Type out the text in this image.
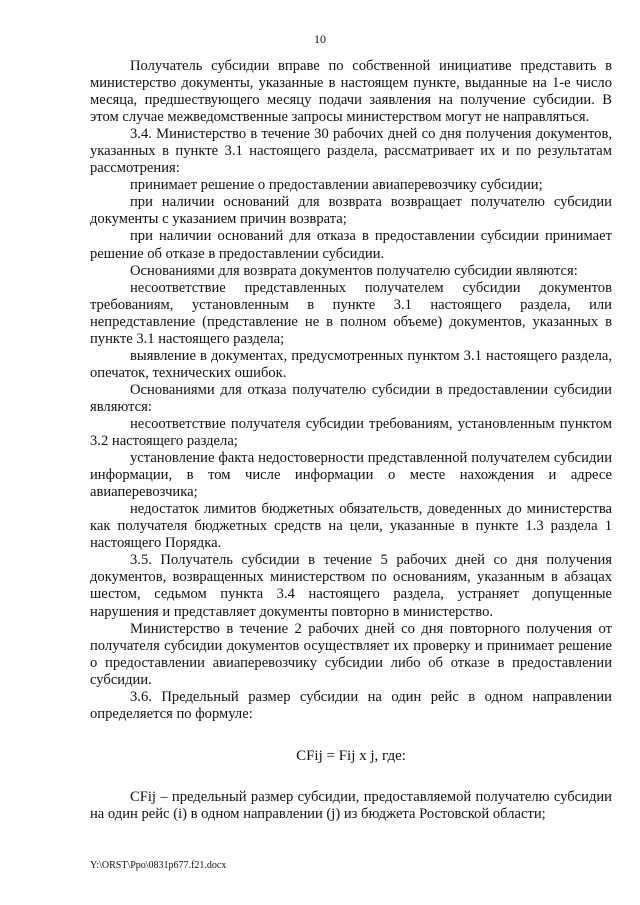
10

Получатель субсидии вправе по собственной инициативе представить в министерство документы, указанные в настоящем пункте, выданные на 1-е число месяца, предшествующего месяцу подачи заявления на получение субсидии. В этом случае межведомственные запросы министерством могут не направляться.

3.4. Министерство в течение 30 рабочих дней со дня получения документов, указанных в пункте 3.1 настоящего раздела, рассматривает их и по результатам рассмотрения:

принимает решение о предоставлении авиаперевозчику субсидии;

при наличии оснований для возврата возвращает получателю субсидии документы с указанием причин возврата;

при наличии оснований для отказа в предоставлении субсидии принимает решение об отказе в предоставлении субсидии.

Основаниями для возврата документов получателю субсидии являются:

несоответствие представленных получателем субсидии документов требованиям, установленным в пункте 3.1 настоящего раздела, или непредставление (представление не в полном объеме) документов, указанных в пункте 3.1 настоящего раздела;

выявление в документах, предусмотренных пунктом 3.1 настоящего раздела, опечаток, технических ошибок.

Основаниями для отказа получателю субсидии в предоставлении субсидии являются:

несоответствие получателя субсидии требованиям, установленным пунктом 3.2 настоящего раздела;

установление факта недостоверности представленной получателем субсидии информации, в том числе информации о месте нахождения и адресе авиаперевозчика;

недостаток лимитов бюджетных обязательств, доведенных до министерства как получателя бюджетных средств на цели, указанные в пункте 1.3 раздела 1 настоящего Порядка.

3.5. Получатель субсидии в течение 5 рабочих дней со дня получения документов, возвращенных министерством по основаниям, указанным в абзацах шестом, седьмом пункта 3.4 настоящего раздела, устраняет допущенные нарушения и представляет документы повторно в министерство.

Министерство в течение 2 рабочих дней со дня повторного получения от получателя субсидии документов осуществляет их проверку и принимает решение о предоставлении авиаперевозчику субсидии либо об отказе в предоставлении субсидии.

3.6. Предельный размер субсидии на один рейс в одном направлении определяется по формуле:

CFij = Fij x j, где:

CFij – предельный размер субсидии, предоставляемой получателю субсидии на один рейс (i) в одном направлении (j) из бюджета Ростовской области;

Y:\ORST\Ppo\0831p677.f21.docx
